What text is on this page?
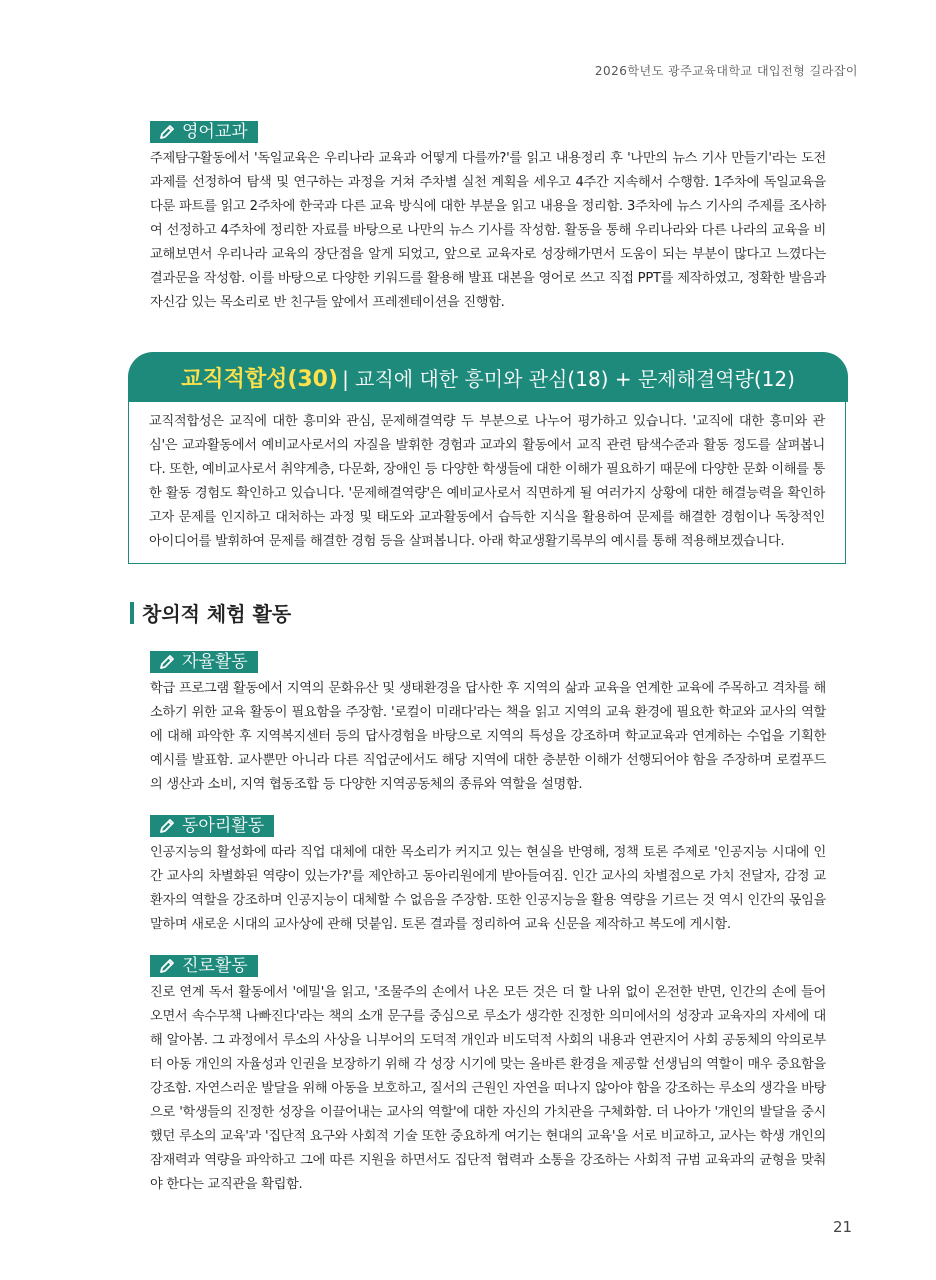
2026학년도 광주교육대학교 대입전형 길라잡이
영어교과
주제탐구활동에서 '독일교육은 우리나라 교육과 어떻게 다를까?'를 읽고 내용정리 후 '나만의 뉴스 기사 만들기'라는 도전 과제를 선정하여 탐색 및 연구하는 과정을 거쳐 주차별 실천 계획을 세우고 4주간 지속해서 수행함. 1주차에 독일교육을 다룬 파트를 읽고 2주차에 한국과 다른 교육 방식에 대한 부분을 읽고 내용을 정리함. 3주차에 뉴스 기사의 주제를 조사하여 선정하고 4주차에 정리한 자료를 바탕으로 나만의 뉴스 기사를 작성함. 활동을 통해 우리나라와 다른 나라의 교육을 비교해보면서 우리나라 교육의 장단점을 알게 되었고, 앞으로 교육자로 성장해가면서 도움이 되는 부분이 많다고 느꼈다는 결과문을 작성함. 이를 바탕으로 다양한 키워드를 활용해 발표 대본을 영어로 쓰고 직접 PPT를 제작하였고, 정확한 발음과 자신감 있는 목소리로 반 친구들 앞에서 프레젠테이션을 진행함.
교직적합성(30) | 교직에 대한 흥미와 관심(18) + 문제해결역량(12)
교직적합성은 교직에 대한 흥미와 관심, 문제해결역량 두 부분으로 나누어 평가하고 있습니다. '교직에 대한 흥미와 관심'은 교과활동에서 예비교사로서의 자질을 발휘한 경험과 교과외 활동에서 교직 관련 탐색수준과 활동 정도를 살펴봅니다. 또한, 예비교사로서 취약계층, 다문화, 장애인 등 다양한 학생들에 대한 이해가 필요하기 때문에 다양한 문화 이해를 통한 활동 경험도 확인하고 있습니다. '문제해결역량'은 예비교사로서 직면하게 될 여러가지 상황에 대한 해결능력을 확인하고자 문제를 인지하고 대처하는 과정 및 태도와 교과활동에서 습득한 지식을 활용하여 문제를 해결한 경험이나 독창적인 아이디어를 발휘하여 문제를 해결한 경험 등을 살펴봅니다. 아래 학교생활기록부의 예시를 통해 적용해보겠습니다.
창의적 체험 활동
자율활동
학급 프로그램 활동에서 지역의 문화유산 및 생태환경을 답사한 후 지역의 삶과 교육을 연계한 교육에 주목하고 격차를 해소하기 위한 교육 활동이 필요함을 주장함. '로컬이 미래다'라는 책을 읽고 지역의 교육 환경에 필요한 학교와 교사의 역할에 대해 파악한 후 지역복지센터 등의 답사경험을 바탕으로 지역의 특성을 강조하며 학교교육과 연계하는 수업을 기획한 예시를 발표함. 교사뿐만 아니라 다른 직업군에서도 해당 지역에 대한 충분한 이해가 선행되어야 함을 주장하며 로컬푸드의 생산과 소비, 지역 협동조합 등 다양한 지역공동체의 종류와 역할을 설명함.
동아리활동
인공지능의 활성화에 따라 직업 대체에 대한 목소리가 커지고 있는 현실을 반영해, 정책 토론 주제로 '인공지능 시대에 인간 교사의 차별화된 역량이 있는가?'를 제안하고 동아리원에게 받아들여짐. 인간 교사의 차별점으로 가치 전달자, 감정 교환자의 역할을 강조하며 인공지능이 대체할 수 없음을 주장함. 또한 인공지능을 활용 역량을 기르는 것 역시 인간의 몫임을 말하며 새로운 시대의 교사상에 관해 덧붙임. 토론 결과를 정리하여 교육 신문을 제작하고 복도에 게시함.
진로활동
진로 연계 독서 활동에서 '에밀'을 읽고, '조물주의 손에서 나온 모든 것은 더 할 나위 없이 온전한 반면, 인간의 손에 들어오면서 속수무책 나빠진다'라는 책의 소개 문구를 중심으로 루소가 생각한 진정한 의미에서의 성장과 교육자의 자세에 대해 알아봄. 그 과정에서 루소의 사상을 니부어의 도덕적 개인과 비도덕적 사회의 내용과 연관지어 사회 공동체의 악의로부터 아동 개인의 자율성과 인권을 보장하기 위해 각 성장 시기에 맞는 올바른 환경을 제공할 선생님의 역할이 매우 중요함을 강조함. 자연스러운 발달을 위해 아동을 보호하고, 질서의 근원인 자연을 떠나지 않아야 함을 강조하는 루소의 생각을 바탕으로 '학생들의 진정한 성장을 이끌어내는 교사의 역할'에 대한 자신의 가치관을 구체화함. 더 나아가 '개인의 발달을 중시했던 루소의 교육'과 '집단적 요구와 사회적 기술 또한 중요하게 여기는 현대의 교육'을 서로 비교하고, 교사는 학생 개인의 잠재력과 역량을 파악하고 그에 따른 지원을 하면서도 집단적 협력과 소통을 강조하는 사회적 규범 교육과의 균형을 맞춰야 한다는 교직관을 확립함.
21
